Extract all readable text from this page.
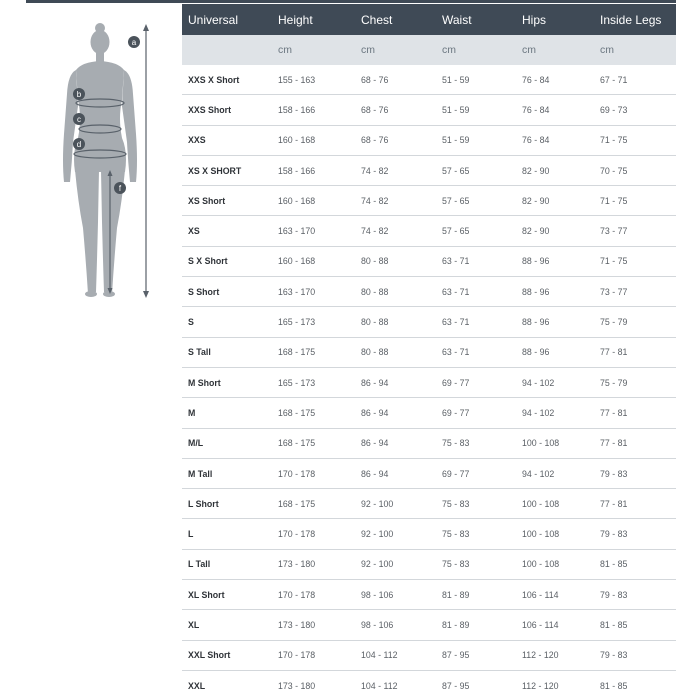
a
b
c
d
f
Universal	Height	Chest	Waist	Hips	Inside Legs
	cm	cm	cm	cm	cm
XXS X Short	155 - 163	68 - 76	51 - 59	76 - 84	67 - 71
XXS Short	158 - 166	68 - 76	51 - 59	76 - 84	69 - 73
XXS	160 - 168	68 - 76	51 - 59	76 - 84	71 - 75
XS X SHORT	158 - 166	74 - 82	57 - 65	82 - 90	70 - 75
XS Short	160 - 168	74 - 82	57 - 65	82 - 90	71 - 75
XS	163 - 170	74 - 82	57 - 65	82 - 90	73 - 77
S X Short	160 - 168	80 - 88	63 - 71	88 - 96	71 - 75
S Short	163 - 170	80 - 88	63 - 71	88 - 96	73 - 77
S	165 - 173	80 - 88	63 - 71	88 - 96	75 - 79
S Tall	168 - 175	80 - 88	63 - 71	88 - 96	77 - 81
M Short	165 - 173	86 - 94	69 - 77	94 - 102	75 - 79
M	168 - 175	86 - 94	69 - 77	94 - 102	77 - 81
M/L	168 - 175	86 - 94	75 - 83	100 - 108	77 - 81
M Tall	170 - 178	86 - 94	69 - 77	94 - 102	79 - 83
L Short	168 - 175	92 - 100	75 - 83	100 - 108	77 - 81
L	170 - 178	92 - 100	75 - 83	100 - 108	79 - 83
L Tall	173 - 180	92 - 100	75 - 83	100 - 108	81 - 85
XL Short	170 - 178	98 - 106	81 - 89	106 - 114	79 - 83
XL	173 - 180	98 - 106	81 - 89	106 - 114	81 - 85
XXL Short	170 - 178	104 - 112	87 - 95	112 - 120	79 - 83
XXL	173 - 180	104 - 112	87 - 95	112 - 120	81 - 85
